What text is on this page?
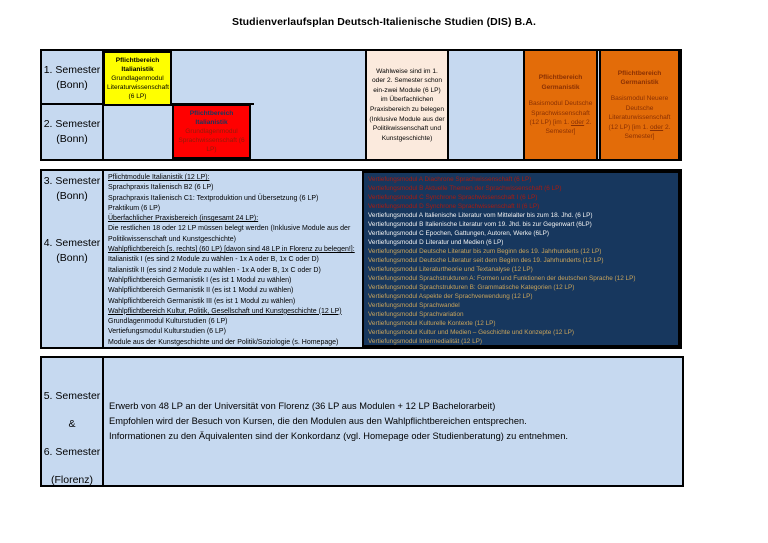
Studienverlaufsplan Deutsch-Italienische Studien (DIS) B.A.
1. Semester
(Bonn)
2. Semester
(Bonn)
Pflichtbereich Italianistik
Grundlagenmodul Literaturwissenschaft (6 LP)
Pflichtbereich Italianistik
Grundlagenmodul Sprachwissenschaft (6 LP)
Wahlweise sind im 1. oder 2. Semester schon ein-zwei Module (6 LP) im Überfachlichen Praxisbereich zu belegen (Inklusive Module aus der Politikwissenschaft und Kunstgeschichte)
Pflichtbereich Germanistik
Basismodul Deutsche Sprachwissenschaft (12 LP) [im 1. oder 2. Semester]
Pflichtbereich Germanistik
Basismodul Neuere Deutsche Literaturwissenschaft (12 LP) [im 1. oder 2. Semester]
3. Semester
(Bonn)
4. Semester
(Bonn)
Pflichtmodule Italianistik (12 LP):
Sprachpraxis Italienisch B2 (6 LP)
Sprachpraxis Italienisch C1: Textproduktion und Übersetzung (6 LP)
Praktikum (6 LP)
Überfachlicher Praxisbereich (insgesamt 24 LP):
Die restlichen 18 oder 12 LP müssen belegt werden (Inklusive Module aus der
Politikwissenschaft und Kunstgeschichte)
Wahlpflichtbereich [s. rechts] (60 LP) [davon sind 48 LP in Florenz zu belegen!]:
Italianistik I (es sind 2 Module zu wählen - 1x A oder B, 1x C oder D)
Italianistik II (es sind 2 Module zu wählen - 1x A oder B, 1x C oder D)
Wahlpflichtbereich Germanistik I (es ist 1 Modul zu wählen)
Wahlpflichtbereich Germanistik II (es ist 1 Modul zu wählen)
Wahlpflichtbereich Germanistik III (es ist 1 Modul zu wählen)
Wahlpflichtbereich Kultur, Politik, Gesellschaft und Kunstgeschichte (12 LP)
Grundlagenmodul Kulturstudien (6 LP)
Vertiefungsmodul Kulturstudien (6 LP)
Module aus der Kunstgeschichte und der Politik/Soziologie (s. Homepage)
Vertiefungsmodul A Diachrone Sprachwissenschaft (6 LP)
Vertiefungsmodul B Aktuelle Themen der Sprachwissenschaft (6 LP)
Vertiefungsmodul C Synchrone Sprachwissenschaft I (6 LP)
Vertiefungsmodul D Synchrone Sprachwissenschaft II (6 LP)
Vertiefungsmodul A Italienische Literatur vom Mittelalter bis zum 18. Jhd. (6 LP)
Vertiefungsmodul B Italienische Literatur vom 19. Jhd. bis zur Gegenwart (6LP)
Vertiefungsmodul C Epochen, Gattungen, Autoren, Werke (6LP)
Vertiefungsmodul D Literatur und Medien (6 LP)
Vertiefungsmodul Deutsche Literatur bis zum Beginn des 19. Jahrhunderts (12 LP)
Vertiefungsmodul Deutsche Literatur seit dem Beginn des 19. Jahrhunderts (12 LP)
Vertiefungsmodul Literaturtheorie und Textanalyse (12 LP)
Vertiefungsmodul Sprachstrukturen A: Formen und Funktionen der deutschen Sprache (12 LP)
Vertiefungsmodul Sprachstrukturen B: Grammatische Kategorien (12 LP)
Vertiefungsmodul Aspekte der Sprachverwendung (12 LP)
Vertiefungsmodul Sprachwandel
Vertiefungsmodul Sprachvariation
Vertiefungsmodul Kulturelle Kontexte (12 LP)
Vertiefungsmodul Kultur und Medien – Geschichte und Konzepte (12 LP)
Vertiefungsmodul Intermedialität (12 LP)
5. Semester
&
6. Semester
(Florenz)
Erwerb von 48 LP an der Universität von Florenz (36 LP aus Modulen + 12 LP Bachelorarbeit)
Empfohlen wird der Besuch von Kursen, die den Modulen aus den Wahlpflichtbereichen entsprechen.
Informationen zu den Äquivalenten sind der Konkordanz (vgl. Homepage oder Studienberatung) zu entnehmen.
